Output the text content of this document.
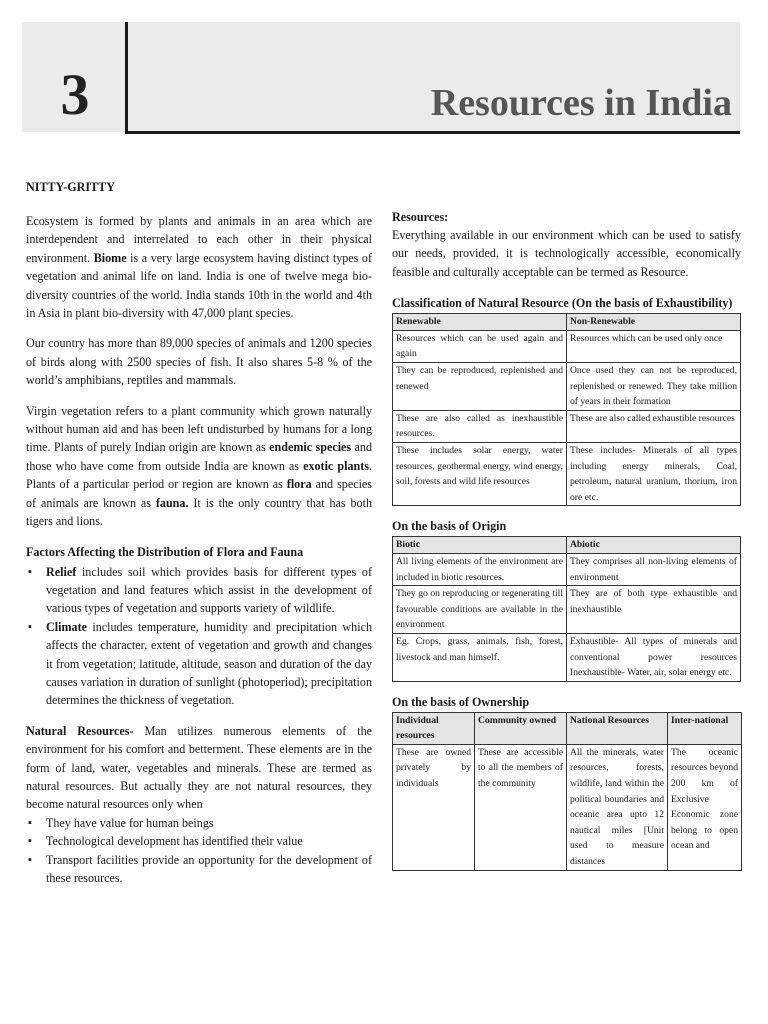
3	Resources in India
NITTY-GRITTY

Ecosystem is formed by plants and animals in an area which are interdependent and interrelated to each other in their physical environment. Biome is a very large ecosystem having distinct types of vegetation and animal life on land. India is one of twelve mega bio-diversity countries of the world. India stands 10th in the world and 4th in Asia in plant bio-diversity with 47,000 plant species.

Our country has more than 89,000 species of animals and 1200 species of birds along with 2500 species of fish. It also shares 5-8 % of the world’s amphibians, reptiles and mammals.

Virgin vegetation refers to a plant community which grown naturally without human aid and has been left undisturbed by humans for a long time. Plants of purely Indian origin are known as endemic species and those who have come from outside India are known as exotic plants. Plants of a particular period or region are known as flora and species of animals are known as fauna. It is the only country that has both tigers and lions.

Factors Affecting the Distribution of Flora and Fauna
▪ Relief includes soil which provides basis for different types of vegetation and land features which assist in the development of various types of vegetation and supports variety of wildlife.
▪ Climate includes temperature, humidity and precipitation which affects the character, extent of vegetation and growth and changes it from vegetation; latitude, altitude, season and duration of the day causes variation in duration of sunlight (photoperiod); precipitation determines the thickness of vegetation.

Natural Resources- Man utilizes numerous elements of the environment for his comfort and betterment. These elements are in the form of land, water, vegetables and minerals. These are termed as natural resources. But actually they are not natural resources, they become natural resources only when

▪ They have value for human beings
▪ Technological development has identified their value
▪ Transport facilities provide an opportunity for the development of these resources.
Resources:

Everything available in our environment which can be used to satisfy our needs, provided, it is technologically accessible, economically feasible and culturally acceptable can be termed as Resource.

Classification of Natural Resource (On the basis of Exhaustibility)
Renewable	Non-Renewable
Resources which can be used again and again	Resources which can be used only once
They can be reproduced, replenished and renewed	Once used they can not be reproduced, replenished or renewed. They take million of years in their formation
These are also called as inexhaustible resources.	These are also called exhaustible resources
These includes solar energy, water resources, geothermal energy, wind energy, soil, forests and wild life resources	These includes- Minerals of all types including energy minerals, Coal, petroleum, natural uranium, thorium, iron ore etc.
On the basis of Origin
Biotic	Abiotic
All living elements of the environment are included in biotic resources.	They comprises all non-living elements of environment
They go on reproducing or regenerating till favourable conditions are available in the environment	They are of both type exhaustible and inexhaustible
Eg. Crops, grass, animals, fish, forest, livestock and man himself.	Exhaustible- All types of minerals and conventional power resources Inexhaustible- Water, air, solar energy etc.
On the basis of Ownership
Individual resources	Community owned	National Resources	Inter-national
These are owned privately by individuals	These are accessible to all the members of the community	All the minerals, water resources, forests, wildlife, land within the political boundaries and oceanic area upto 12 nautical miles [Unit used to measure distances	The oceanic resources beyond 200 km of Exclusive Economic zone belong to open ocean and
